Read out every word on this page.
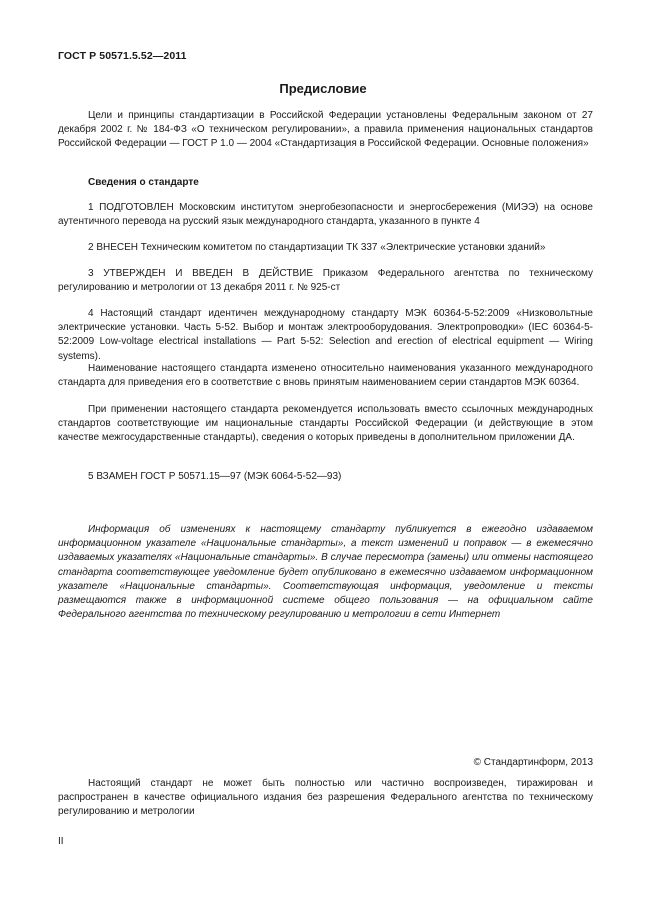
ГОСТ Р 50571.5.52—2011
Предисловие
Цели и принципы стандартизации в Российской Федерации установлены Федеральным законом от 27 декабря 2002 г. № 184-ФЗ «О техническом регулировании», а правила применения национальных стандартов Российской Федерации — ГОСТ Р 1.0 — 2004 «Стандартизация в Российской Федерации. Основные положения»
Сведения о стандарте
1 ПОДГОТОВЛЕН Московским институтом энергобезопасности и энергосбережения (МИЭЭ) на основе аутентичного перевода на русский язык международного стандарта, указанного в пункте 4
2 ВНЕСЕН Техническим комитетом по стандартизации ТК 337 «Электрические установки зданий»
3 УТВЕРЖДЕН И ВВЕДЕН В ДЕЙСТВИЕ Приказом Федерального агентства по техническому регулированию и метрологии от 13 декабря 2011 г. № 925-ст
4 Настоящий стандарт идентичен международному стандарту МЭК 60364-5-52:2009 «Низковольтные электрические установки. Часть 5-52. Выбор и монтаж электрооборудования. Электропроводки» (IEC 60364-5-52:2009 Low-voltage electrical installations — Part 5-52: Selection and erection of electrical equipment — Wiring systems).
Наименование настоящего стандарта изменено относительно наименования указанного международного стандарта для приведения его в соответствие с вновь принятым наименованием серии стандартов МЭК 60364.
При применении настоящего стандарта рекомендуется использовать вместо ссылочных международных стандартов соответствующие им национальные стандарты Российской Федерации (и действующие в этом качестве межгосударственные стандарты), сведения о которых приведены в дополнительном приложении ДА.
5 ВЗАМЕН ГОСТ Р 50571.15—97 (МЭК 6064-5-52—93)
Информация об изменениях к настоящему стандарту публикуется в ежегодно издаваемом информационном указателе «Национальные стандарты», а текст изменений и поправок — в ежемесячно издаваемых указателях «Национальные стандарты». В случае пересмотра (замены) или отмены настоящего стандарта соответствующее уведомление будет опубликовано в ежемесячно издаваемом информационном указателе «Национальные стандарты». Соответствующая информация, уведомление и тексты размещаются также в информационной системе общего пользования — на официальном сайте Федерального агентства по техническому регулированию и метрологии в сети Интернет
© Стандартинформ, 2013
Настоящий стандарт не может быть полностью или частично воспроизведен, тиражирован и распространен в качестве официального издания без разрешения Федерального агентства по техническому регулированию и метрологии
II
